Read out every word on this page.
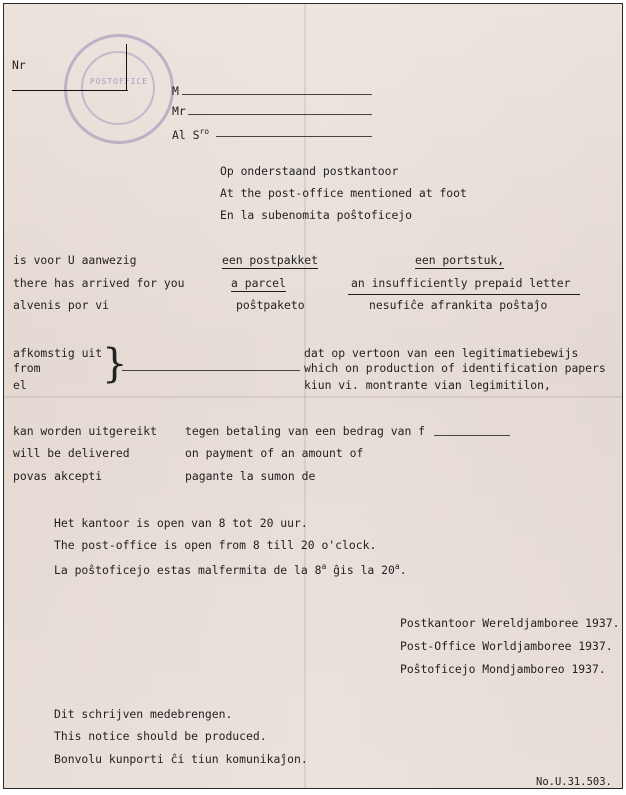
POSTOFFICE
Nr
M
Mr
Al $S^{ro}$
Op onderstaand postkantoor
At the post-office mentioned at foot
En la subenomita poŝtoficejo
is voor U aanwezig
there has arrived for you
alvenis por vi
een postpakket
a parcel
poŝtpaketo
een portstuk,
an insufficiently prepaid letter
nesufiĉe afrankita poŝtaĵo
afkomstig uit
from
el }	dat op vertoon van een legitimatiebewijs
which on production of identification papers
kiun vi. montrante vian legimitilon,
kan worden uitgereikt
will be delivered
povas akcepti
tegen betaling van een bedrag van f
on payment of an amount of
pagante la sumon de
Het kantoor is open van 8 tot 20 uur.
The post-office is open from 8 till 20 o'clock.
La poŝtoficejo estas malfermita de la 8$^a$ ĝis la 20$^a$.
Postkantoor Wereldjamboree 1937.
Post-Office Worldjamboree 1937.
Poŝtoficejo Mondjamboreo 1937.
Dit schrijven medebrengen.
This notice should be produced.
Bonvolu kunporti ĉi tiun komunikaĵon.
No.U.31.503.
